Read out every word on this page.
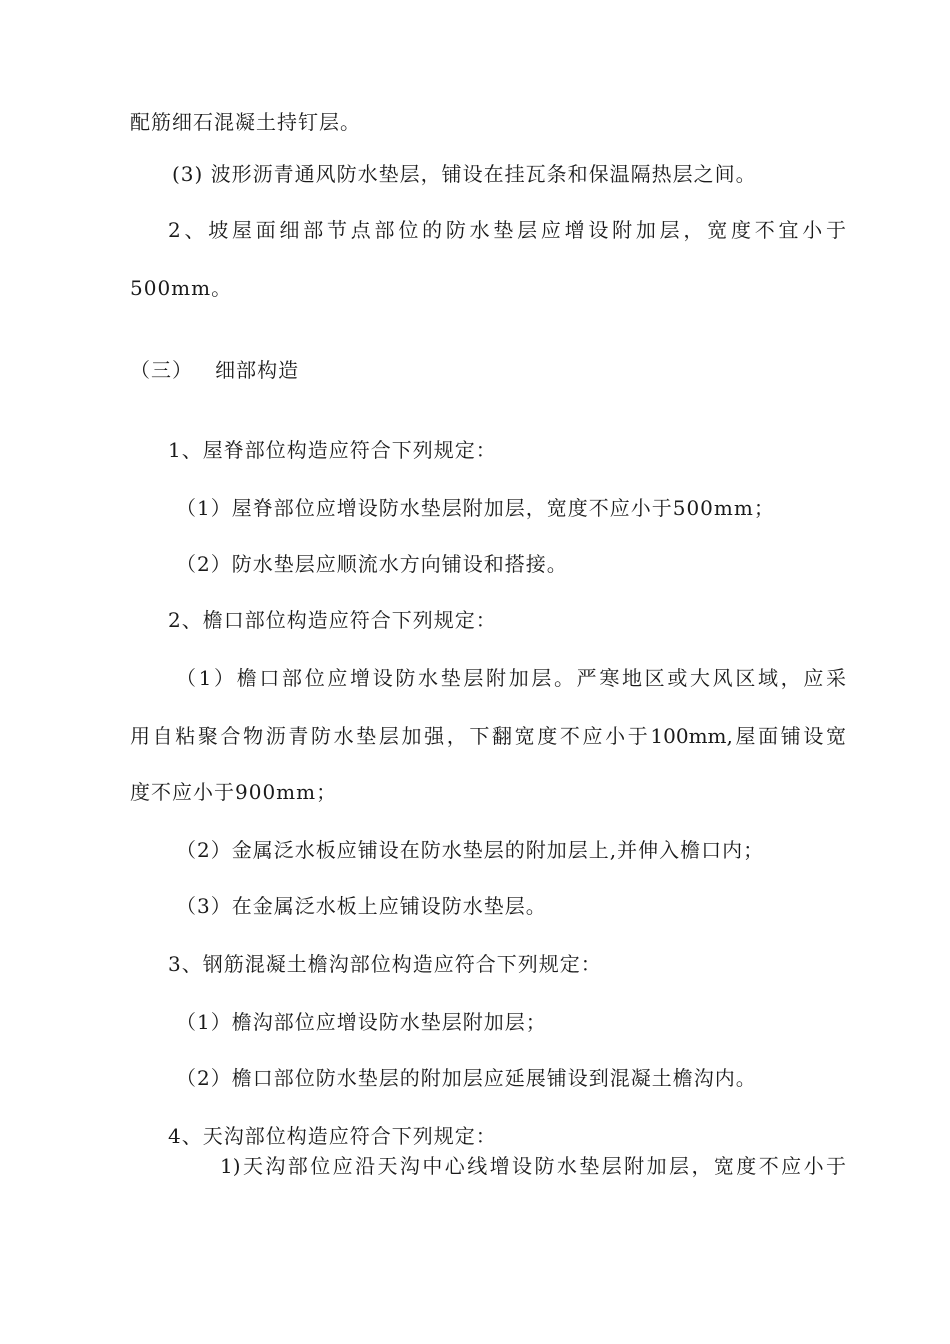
配筋细石混凝土持钉层。
(3) 波形沥青通风防水垫层，铺设在挂瓦条和保温隔热层之间。
2、坡屋面细部节点部位的防水垫层应增设附加层，宽度不宜小于
500mm。
（三）   细部构造
1、屋脊部位构造应符合下列规定：
（1）屋脊部位应增设防水垫层附加层，宽度不应小于500mm；
（2）防水垫层应顺流水方向铺设和搭接。
2、檐口部位构造应符合下列规定：
（1）檐口部位应增设防水垫层附加层。严寒地区或大风区域，应采
用自粘聚合物沥青防水垫层加强，下翻宽度不应小于100mm,屋面铺设宽
度不应小于900mm；
（2）金属泛水板应铺设在防水垫层的附加层上,并伸入檐口内；
（3）在金属泛水板上应铺设防水垫层。
3、钢筋混凝土檐沟部位构造应符合下列规定：
（1）檐沟部位应增设防水垫层附加层；
（2）檐口部位防水垫层的附加层应延展铺设到混凝土檐沟内。
4、天沟部位构造应符合下列规定：
1)天沟部位应沿天沟中心线增设防水垫层附加层，宽度不应小于
